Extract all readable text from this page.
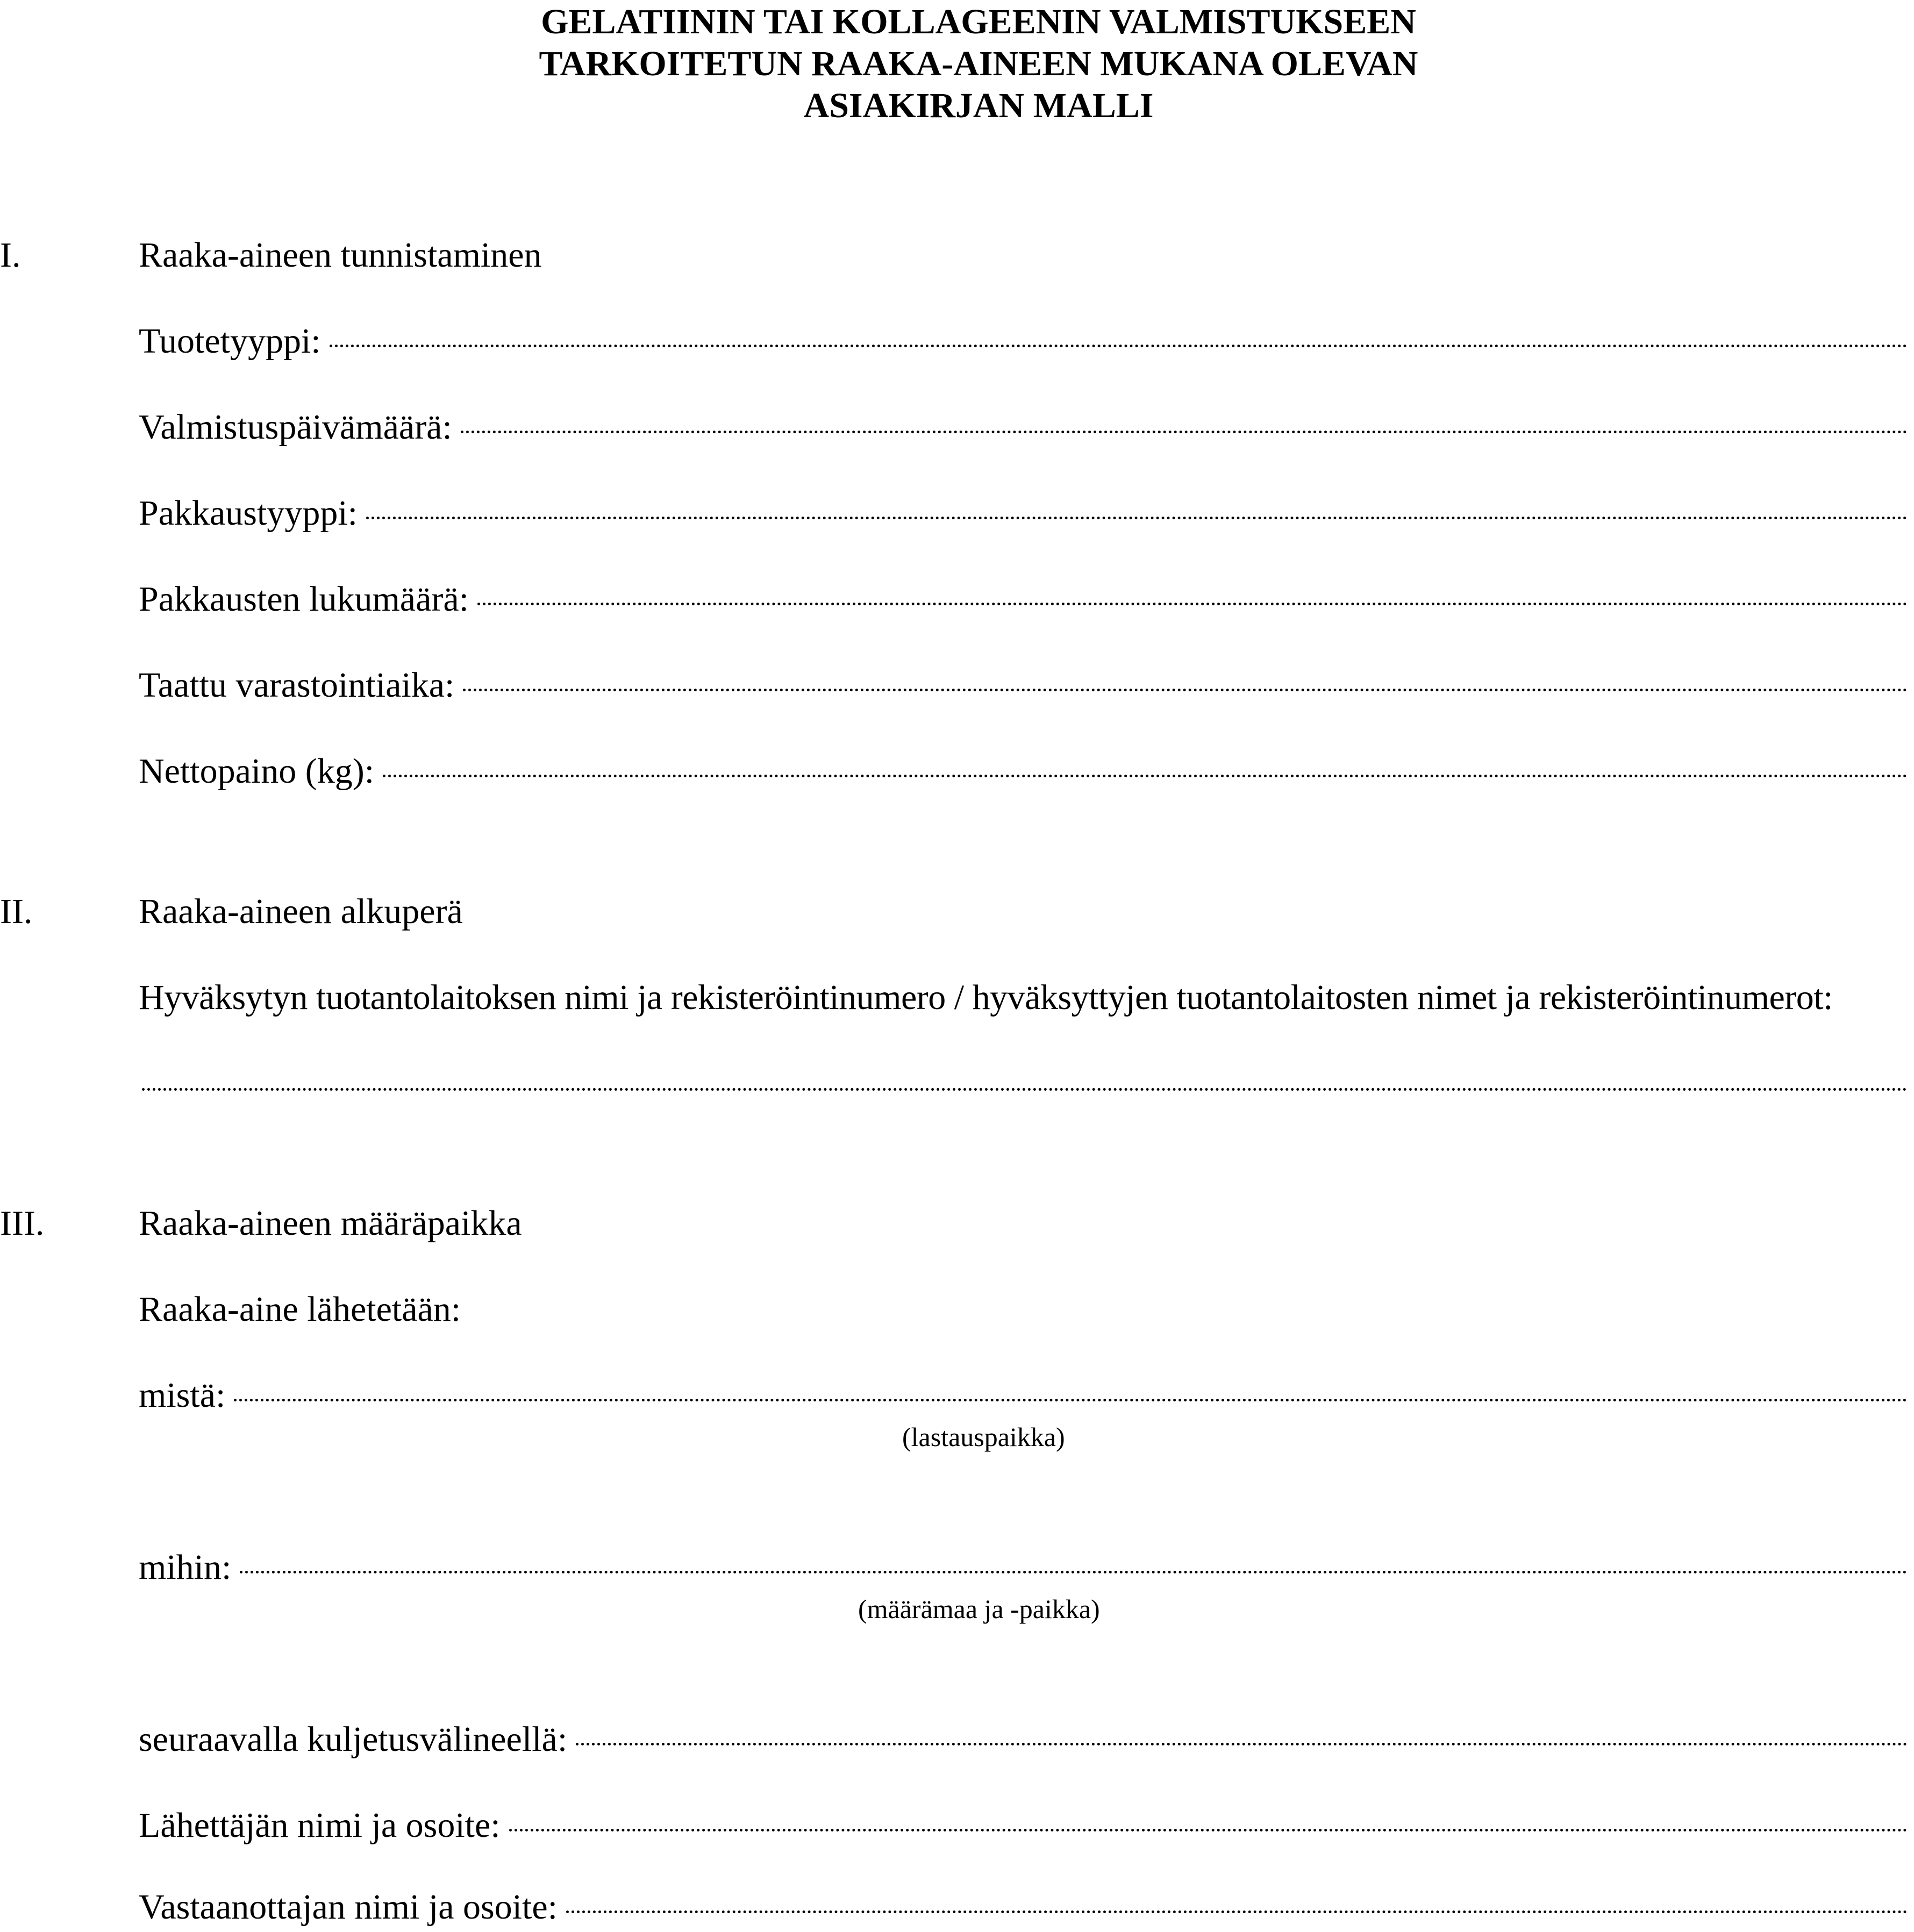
GELATIININ TAI KOLLAGEENIN VALMISTUKSEEN
TARKOITETUN RAAKA-AINEEN MUKANA OLEVAN
ASIAKIRJAN MALLI
I.	Raaka-aineen tunnistaminen
Tuotetyyppi:
Valmistuspäivämäärä:
Pakkaustyyppi:
Pakkausten lukumäärä:
Taattu varastointiaika:
Nettopaino (kg):
II.	Raaka-aineen alkuperä
Hyväksytyn tuotantolaitoksen nimi ja rekisteröintinumero / hyväksyttyjen tuotantolaitosten nimet ja rekisteröintinumerot:
III.	Raaka-aineen määräpaikka
Raaka-aine lähetetään:
mistä:
(lastauspaikka)
mihin:
(määrämaa ja -paikka)
seuraavalla kuljetusvälineellä:
Lähettäjän nimi ja osoite:
Vastaanottajan nimi ja osoite:
